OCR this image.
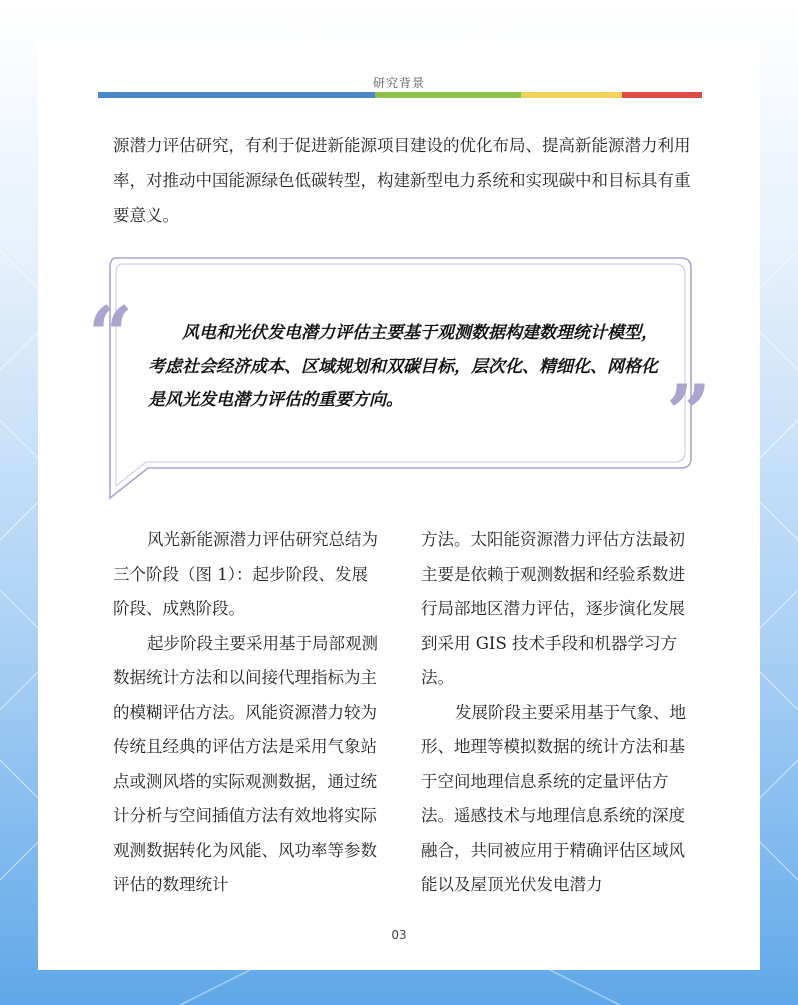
研究背景

源潜力评估研究，有利于促进新能源项目建设的优化布局、提高新能源潜力利用率，对推动中国能源绿色低碳转型，构建新型电力系统和实现碳中和目标具有重要意义。

“
”

风电和光伏发电潜力评估主要基于观测数据构建数理统计模型，考虑社会经济成本、区域规划和双碳目标，层次化、精细化、网格化是风光发电潜力评估的重要方向。

风光新能源潜力评估研究总结为三个阶段（图 1）：起步阶段、发展阶段、成熟阶段。

起步阶段主要采用基于局部观测数据统计方法和以间接代理指标为主的模糊评估方法。风能资源潜力较为传统且经典的评估方法是采用气象站点或测风塔的实际观测数据，通过统计分析与空间插值方法有效地将实际观测数据转化为风能、风功率等参数评估的数理统计

方法。太阳能资源潜力评估方法最初主要是依赖于观测数据和经验系数进行局部地区潜力评估，逐步演化发展到采用 GIS 技术手段和机器学习方法。

发展阶段主要采用基于气象、地形、地理等模拟数据的统计方法和基于空间地理信息系统的定量评估方法。遥感技术与地理信息系统的深度融合，共同被应用于精确评估区域风能以及屋顶光伏发电潜力

03
